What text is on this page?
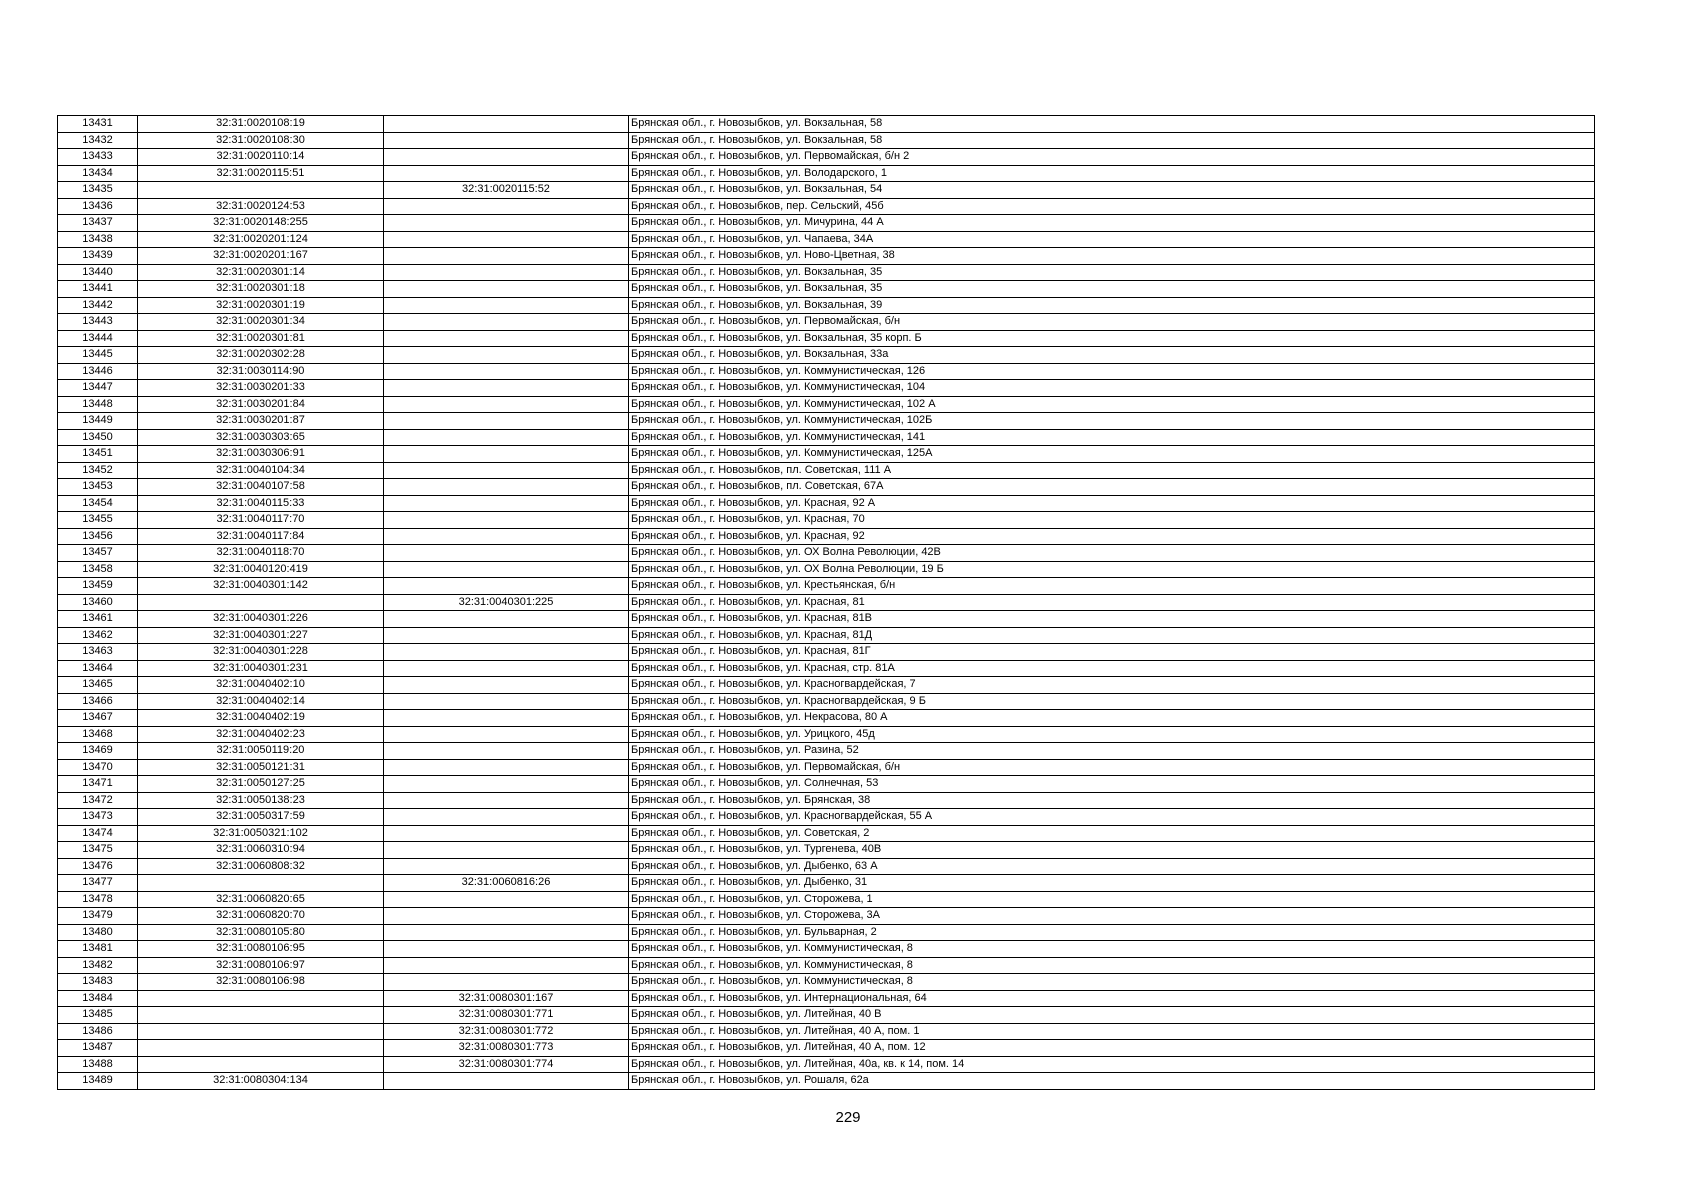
13431	32:31:0020108:19		Брянская обл., г. Новозыбков, ул. Вокзальная, 58
13432	32:31:0020108:30		Брянская обл., г. Новозыбков, ул. Вокзальная, 58
13433	32:31:0020110:14		Брянская обл., г. Новозыбков, ул. Первомайская, б/н 2
13434	32:31:0020115:51		Брянская обл., г. Новозыбков, ул. Володарского, 1
13435		32:31:0020115:52	Брянская обл., г. Новозыбков, ул. Вокзальная, 54
13436	32:31:0020124:53		Брянская обл., г. Новозыбков, пер. Сельский, 45б
13437	32:31:0020148:255		Брянская обл., г. Новозыбков, ул. Мичурина, 44 А
13438	32:31:0020201:124		Брянская обл., г. Новозыбков, ул. Чапаева, 34А
13439	32:31:0020201:167		Брянская обл., г. Новозыбков, ул. Ново-Цветная, 38
13440	32:31:0020301:14		Брянская обл., г. Новозыбков, ул. Вокзальная, 35
13441	32:31:0020301:18		Брянская обл., г. Новозыбков, ул. Вокзальная, 35
13442	32:31:0020301:19		Брянская обл., г. Новозыбков, ул. Вокзальная, 39
13443	32:31:0020301:34		Брянская обл., г. Новозыбков, ул. Первомайская, б/н
13444	32:31:0020301:81		Брянская обл., г. Новозыбков, ул. Вокзальная, 35 корп. Б
13445	32:31:0020302:28		Брянская обл., г. Новозыбков, ул. Вокзальная, 33а
13446	32:31:0030114:90		Брянская обл., г. Новозыбков, ул. Коммунистическая, 126
13447	32:31:0030201:33		Брянская обл., г. Новозыбков, ул. Коммунистическая, 104
13448	32:31:0030201:84		Брянская обл., г. Новозыбков, ул. Коммунистическая, 102 А
13449	32:31:0030201:87		Брянская обл., г. Новозыбков, ул. Коммунистическая, 102Б
13450	32:31:0030303:65		Брянская обл., г. Новозыбков, ул. Коммунистическая, 141
13451	32:31:0030306:91		Брянская обл., г. Новозыбков, ул. Коммунистическая, 125А
13452	32:31:0040104:34		Брянская обл., г. Новозыбков, пл. Советская, 111 А
13453	32:31:0040107:58		Брянская обл., г. Новозыбков, пл. Советская, 67А
13454	32:31:0040115:33		Брянская обл., г. Новозыбков, ул. Красная, 92 А
13455	32:31:0040117:70		Брянская обл., г. Новозыбков, ул. Красная, 70
13456	32:31:0040117:84		Брянская обл., г. Новозыбков, ул. Красная, 92
13457	32:31:0040118:70		Брянская обл., г. Новозыбков, ул. ОХ Волна Революции, 42В
13458	32:31:0040120:419		Брянская обл., г. Новозыбков, ул. ОХ Волна Революции, 19 Б
13459	32:31:0040301:142		Брянская обл., г. Новозыбков, ул. Крестьянская, б/н
13460		32:31:0040301:225	Брянская обл., г. Новозыбков, ул. Красная, 81
13461	32:31:0040301:226		Брянская обл., г. Новозыбков, ул. Красная, 81В
13462	32:31:0040301:227		Брянская обл., г. Новозыбков, ул. Красная, 81Д
13463	32:31:0040301:228		Брянская обл., г. Новозыбков, ул. Красная, 81Г
13464	32:31:0040301:231		Брянская обл., г. Новозыбков, ул. Красная, стр. 81А
13465	32:31:0040402:10		Брянская обл., г. Новозыбков, ул. Красногвардейская, 7
13466	32:31:0040402:14		Брянская обл., г. Новозыбков, ул. Красногвардейская, 9 Б
13467	32:31:0040402:19		Брянская обл., г. Новозыбков, ул. Некрасова, 80 А
13468	32:31:0040402:23		Брянская обл., г. Новозыбков, ул. Урицкого, 45д
13469	32:31:0050119:20		Брянская обл., г. Новозыбков, ул. Разина, 52
13470	32:31:0050121:31		Брянская обл., г. Новозыбков, ул. Первомайская, б/н
13471	32:31:0050127:25		Брянская обл., г. Новозыбков, ул. Солнечная, 53
13472	32:31:0050138:23		Брянская обл., г. Новозыбков, ул. Брянская, 38
13473	32:31:0050317:59		Брянская обл., г. Новозыбков, ул. Красногвардейская, 55 А
13474	32:31:0050321:102		Брянская обл., г. Новозыбков, ул. Советская, 2
13475	32:31:0060310:94		Брянская обл., г. Новозыбков, ул. Тургенева, 40В
13476	32:31:0060808:32		Брянская обл., г. Новозыбков, ул. Дыбенко, 63 А
13477		32:31:0060816:26	Брянская обл., г. Новозыбков, ул. Дыбенко, 31
13478	32:31:0060820:65		Брянская обл., г. Новозыбков, ул. Сторожева, 1
13479	32:31:0060820:70		Брянская обл., г. Новозыбков, ул. Сторожева, 3А
13480	32:31:0080105:80		Брянская обл., г. Новозыбков, ул. Бульварная, 2
13481	32:31:0080106:95		Брянская обл., г. Новозыбков, ул. Коммунистическая, 8
13482	32:31:0080106:97		Брянская обл., г. Новозыбков, ул. Коммунистическая, 8
13483	32:31:0080106:98		Брянская обл., г. Новозыбков, ул. Коммунистическая, 8
13484		32:31:0080301:167	Брянская обл., г. Новозыбков, ул. Интернациональная, 64
13485		32:31:0080301:771	Брянская обл., г. Новозыбков, ул. Литейная, 40 В
13486		32:31:0080301:772	Брянская обл., г. Новозыбков, ул. Литейная, 40 А, пом. 1
13487		32:31:0080301:773	Брянская обл., г. Новозыбков, ул. Литейная, 40 А, пом. 12
13488		32:31:0080301:774	Брянская обл., г. Новозыбков, ул. Литейная, 40а, кв. к 14, пом. 14
13489	32:31:0080304:134		Брянская обл., г. Новозыбков, ул. Рошаля, 62а
229
